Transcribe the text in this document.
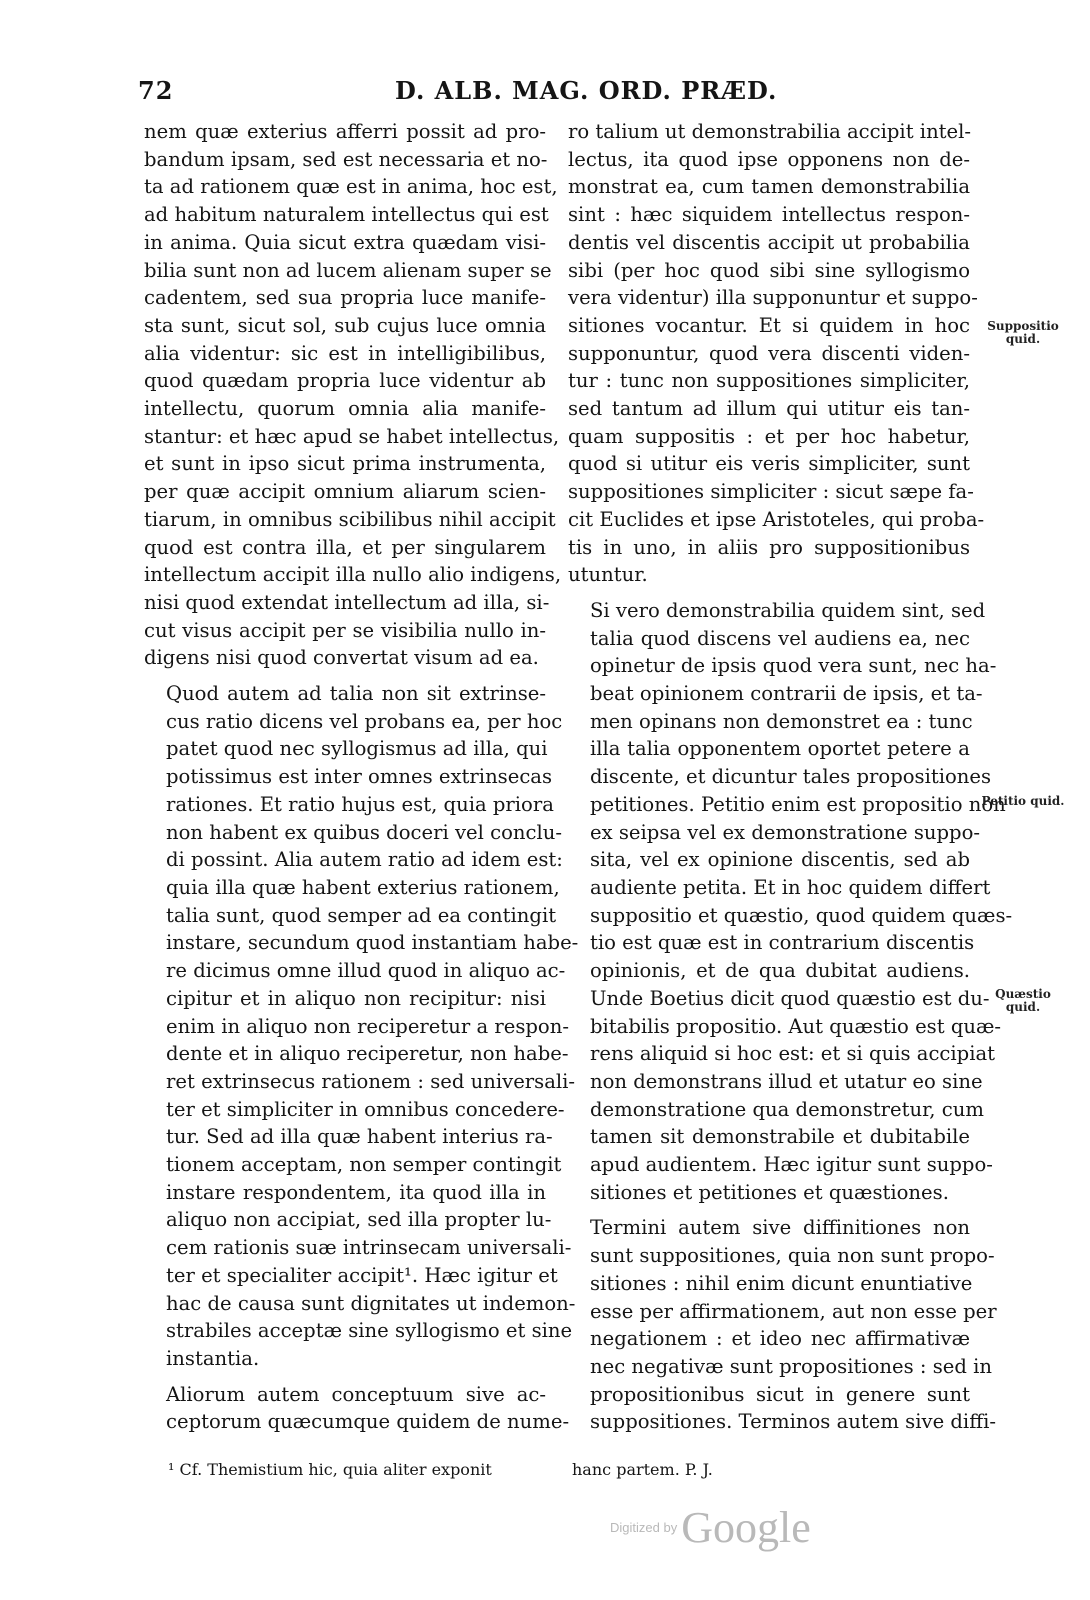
72	D. ALB. MAG. ORD. PRÆD.

nem quæ exterius afferri possit ad pro-
bandum ipsam, sed est necessaria et no-
ta ad rationem quæ est in anima, hoc est,
ad habitum naturalem intellectus qui est
in anima. Quia sicut extra quædam visi-
bilia sunt non ad lucem alienam super se
cadentem, sed sua propria luce manife-
sta sunt, sicut sol, sub cujus luce omnia
alia videntur: sic est in intelligibilibus,
quod quædam propria luce videntur ab
intellectu, quorum omnia alia manife-
stantur: et hæc apud se habet intellectus,
et sunt in ipso sicut prima instrumenta,
per quæ accipit omnium aliarum scien-
tiarum, in omnibus scibilibus nihil accipit
quod est contra illa, et per singularem
intellectum accipit illa nullo alio indigens,
nisi quod extendat intellectum ad illa, si-
cut visus accipit per se visibilia nullo in-
digens nisi quod convertat visum ad ea.

Quod autem ad talia non sit extrinse-
cus ratio dicens vel probans ea, per hoc
patet quod nec syllogismus ad illa, qui
potissimus est inter omnes extrinsecas
rationes. Et ratio hujus est, quia priora
non habent ex quibus doceri vel conclu-
di possint. Alia autem ratio ad idem est:
quia illa quæ habent exterius rationem,
talia sunt, quod semper ad ea contingit
instare, secundum quod instantiam habe-
re dicimus omne illud quod in aliquo ac-
cipitur et in aliquo non recipitur: nisi
enim in aliquo non reciperetur a respon-
dente et in aliquo reciperetur, non habe-
ret extrinsecus rationem : sed universali-
ter et simpliciter in omnibus concedere-
tur. Sed ad illa quæ habent interius ra-
tionem acceptam, non semper contingit
instare respondentem, ita quod illa in
aliquo non accipiat, sed illa propter lu-
cem rationis suæ intrinsecam universali-
ter et specialiter accipit¹. Hæc igitur et
hac de causa sunt dignitates ut indemon-
strabiles acceptæ sine syllogismo et sine
instantia.

Aliorum autem conceptuum sive ac-
ceptorum quæcumque quidem de nume-

ro talium ut demonstrabilia accipit intel-
lectus, ita quod ipse opponens non de-
monstrat ea, cum tamen demonstrabilia
sint : hæc siquidem intellectus respon-
dentis vel discentis accipit ut probabilia
sibi (per hoc quod sibi sine syllogismo
vera videntur) illa supponuntur et suppo-
sitiones vocantur. Et si quidem in hoc
supponuntur, quod vera discenti viden-
tur : tunc non suppositiones simpliciter,
sed tantum ad illum qui utitur eis tan-
quam suppositis : et per hoc habetur,
quod si utitur eis veris simpliciter, sunt
suppositiones simpliciter : sicut sæpe fa-
cit Euclides et ipse Aristoteles, qui proba-
tis in uno, in aliis pro suppositionibus
utuntur.

Si vero demonstrabilia quidem sint, sed
talia quod discens vel audiens ea, nec
opinetur de ipsis quod vera sunt, nec ha-
beat opinionem contrarii de ipsis, et ta-
men opinans non demonstret ea : tunc
illa talia opponentem oportet petere a
discente, et dicuntur tales propositiones
petitiones. Petitio enim est propositio non
ex seipsa vel ex demonstratione suppo-
sita, vel ex opinione discentis, sed ab
audiente petita. Et in hoc quidem differt
suppositio et quæstio, quod quidem quæs-
tio est quæ est in contrarium discentis
opinionis, et de qua dubitat audiens.
Unde Boetius dicit quod quæstio est du-
bitabilis propositio. Aut quæstio est quæ-
rens aliquid si hoc est: et si quis accipiat
non demonstrans illud et utatur eo sine
demonstratione qua demonstretur, cum
tamen sit demonstrabile et dubitabile
apud audientem. Hæc igitur sunt suppo-
sitiones et petitiones et quæstiones.

Termini autem sive diffinitiones non
sunt suppositiones, quia non sunt propo-
sitiones : nihil enim dicunt enuntiative
esse per affirmationem, aut non esse per
negationem : et ideo nec affirmativæ
nec negativæ sunt propositiones : sed in
propositionibus sicut in genere sunt
suppositiones. Terminos autem sive diffi-

Suppositio
quid.
Petitio quid.
Quæstio
quid.
¹ Cf. Themistium hic, quia aliter exponit	hanc partem. P. J.
$^{Digitized by}$Google
